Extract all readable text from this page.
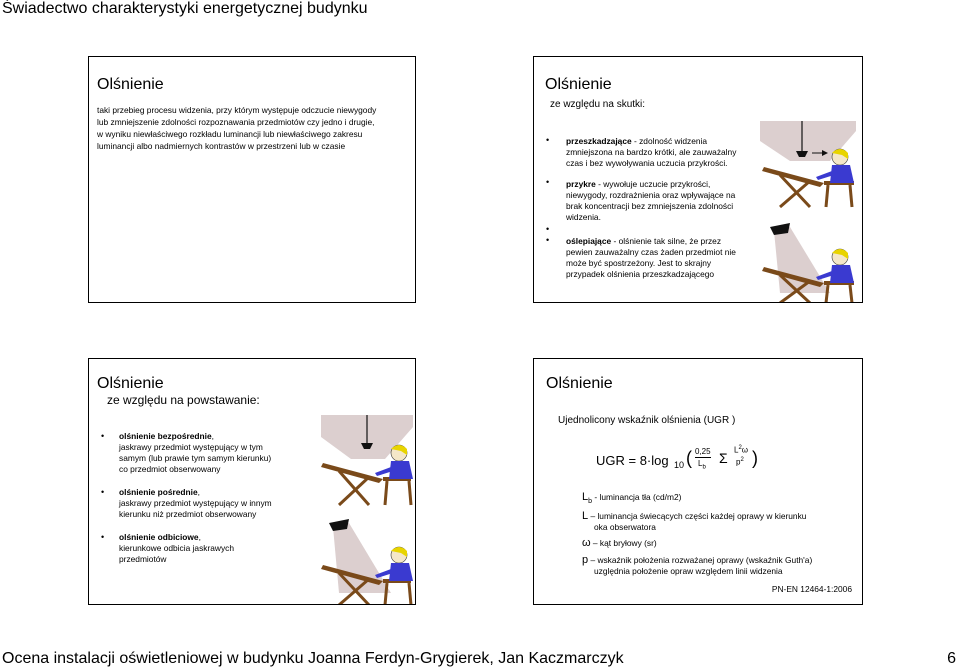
Świadectwo charakterystyki energetycznej budynku
Olśnienie
taki przebieg procesu widzenia, przy którym występuje odczucie niewygody
lub zmniejszenie zdolności rozpoznawania przedmiotów czy jedno i drugie,
w wyniku niewłaściwego rozkładu luminancji lub niewłaściwego zakresu
luminancji albo nadmiernych kontrastów w przestrzeni lub w czasie
Olśnienie
ze względu na skutki:
• przeszkadzające - zdolność widzenia
zmniejszona na bardzo krótki, ale zauważalny
czas i bez wywoływania uczucia przykrości.
• przykre - wywołuje uczucie przykrości,
niewygody, rozdrażnienia oraz wpływające na
brak koncentracji bez zmniejszenia zdolności
widzenia.
•
• oślepiające - olśnienie tak silne, że przez
pewien zauważalny czas żaden przedmiot nie
może być spostrzeżony. Jest to skrajny
przypadek olśnienia przeszkadzającego
Olśnienie
ze względu na powstawanie:
• olśnienie bezpośrednie,
jaskrawy przedmiot występujący w tym
samym (lub prawie tym samym kierunku)
co przedmiot obserwowany
• olśnienie pośrednie,
jaskrawy przedmiot występujący w innym
kierunku niż przedmiot obserwowany
• olśnienie odbiciowe,
kierunkowe odbicia jaskrawych
przedmiotów
Olśnienie
Ujednolicony wskaźnik olśnienia (UGR )
UGR = 8·log 10 ( 0,25
$L_b$
Σ $L^2\omega$
$p^2$ )
$L_b$ - luminancja tła (cd/m2)
L – luminancja świecących części każdej oprawy w kierunku
oka obserwatora
ω – kąt bryłowy (sr)
p – wskaźnik położenia rozważanej oprawy (wskaźnik Guth'a)
uzględnia położenie opraw względem linii widzenia
PN-EN 12464-1:2006
Ocena instalacji oświetleniowej w budynku Joanna Ferdyn-Grygierek, Jan Kaczmarczyk	6
